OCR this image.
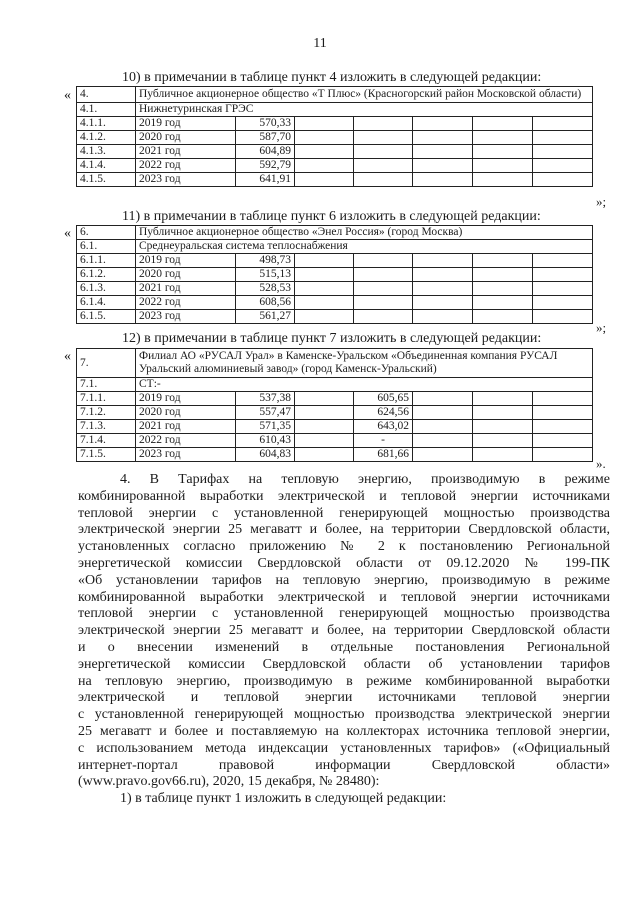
11
10) в примечании в таблице пункт 4 изложить в следующей редакции:
« 4.	Публичное акционерное общество «Т Плюс» (Красногорский район Московской области)						
4.1.	Нижнетуринская ГРЭС						
4.1.1.	2019 год	570,33					
4.1.2.	2020 год	587,70					
4.1.3.	2021 год	604,89					
4.1.4.	2022 год	592,79					
4.1.5.	2023 год	641,91					
»;
11) в примечании в таблице пункт 6 изложить в следующей редакции:
« 6.	Публичное акционерное общество «Энел Россия» (город Москва)						
6.1.	Среднеуральская система теплоснабжения						
6.1.1.	2019 год	498,73					
6.1.2.	2020 год	515,13					
6.1.3.	2021 год	528,53					
6.1.4.	2022 год	608,56					
6.1.5.	2023 год	561,27					
»;
12) в примечании в таблице пункт 7 изложить в следующей редакции:
« 7.	Филиал АО «РУСАЛ Урал» в Каменске-Уральском «Объединенная компания РУСАЛ Уральский алюминиевый завод» (город Каменск-Уральский)						
7.1.	СТ:-						
7.1.1.	2019 год	537,38		605,65			
7.1.2.	2020 год	557,47		624,56			
7.1.3.	2021 год	571,35		643,02			
7.1.4.	2022 год	610,43		-			
7.1.5.	2023 год	604,83		681,66			
».
4. В Тарифах на тепловую энергию, производимую в режиме
комбинированной выработки электрической и тепловой энергии источниками
тепловой энергии с установленной генерирующей мощностью производства
электрической энергии 25 мегаватт и более, на территории Свердловской области,
установленных согласно приложению № 2 к постановлению Региональной
энергетической комиссии Свердловской области от 09.12.2020 № 199-ПК
«Об установлении тарифов на тепловую энергию, производимую в режиме
комбинированной выработки электрической и тепловой энергии источниками
тепловой энергии с установленной генерирующей мощностью производства
электрической энергии 25 мегаватт и более, на территории Свердловской области
и о внесении изменений в отдельные постановления Региональной
энергетической комиссии Свердловской области об установлении тарифов
на тепловую энергию, производимую в режиме комбинированной выработки
электрической и тепловой энергии источниками тепловой энергии
с установленной генерирующей мощностью производства электрической энергии
25 мегаватт и более и поставляемую на коллекторах источника тепловой энергии,
с использованием метода индексации установленных тарифов» («Официальный
интернет-портал правовой информации Свердловской области»
(www.pravo.gov66.ru), 2020, 15 декабря, № 28480):
1) в таблице пункт 1 изложить в следующей редакции:
